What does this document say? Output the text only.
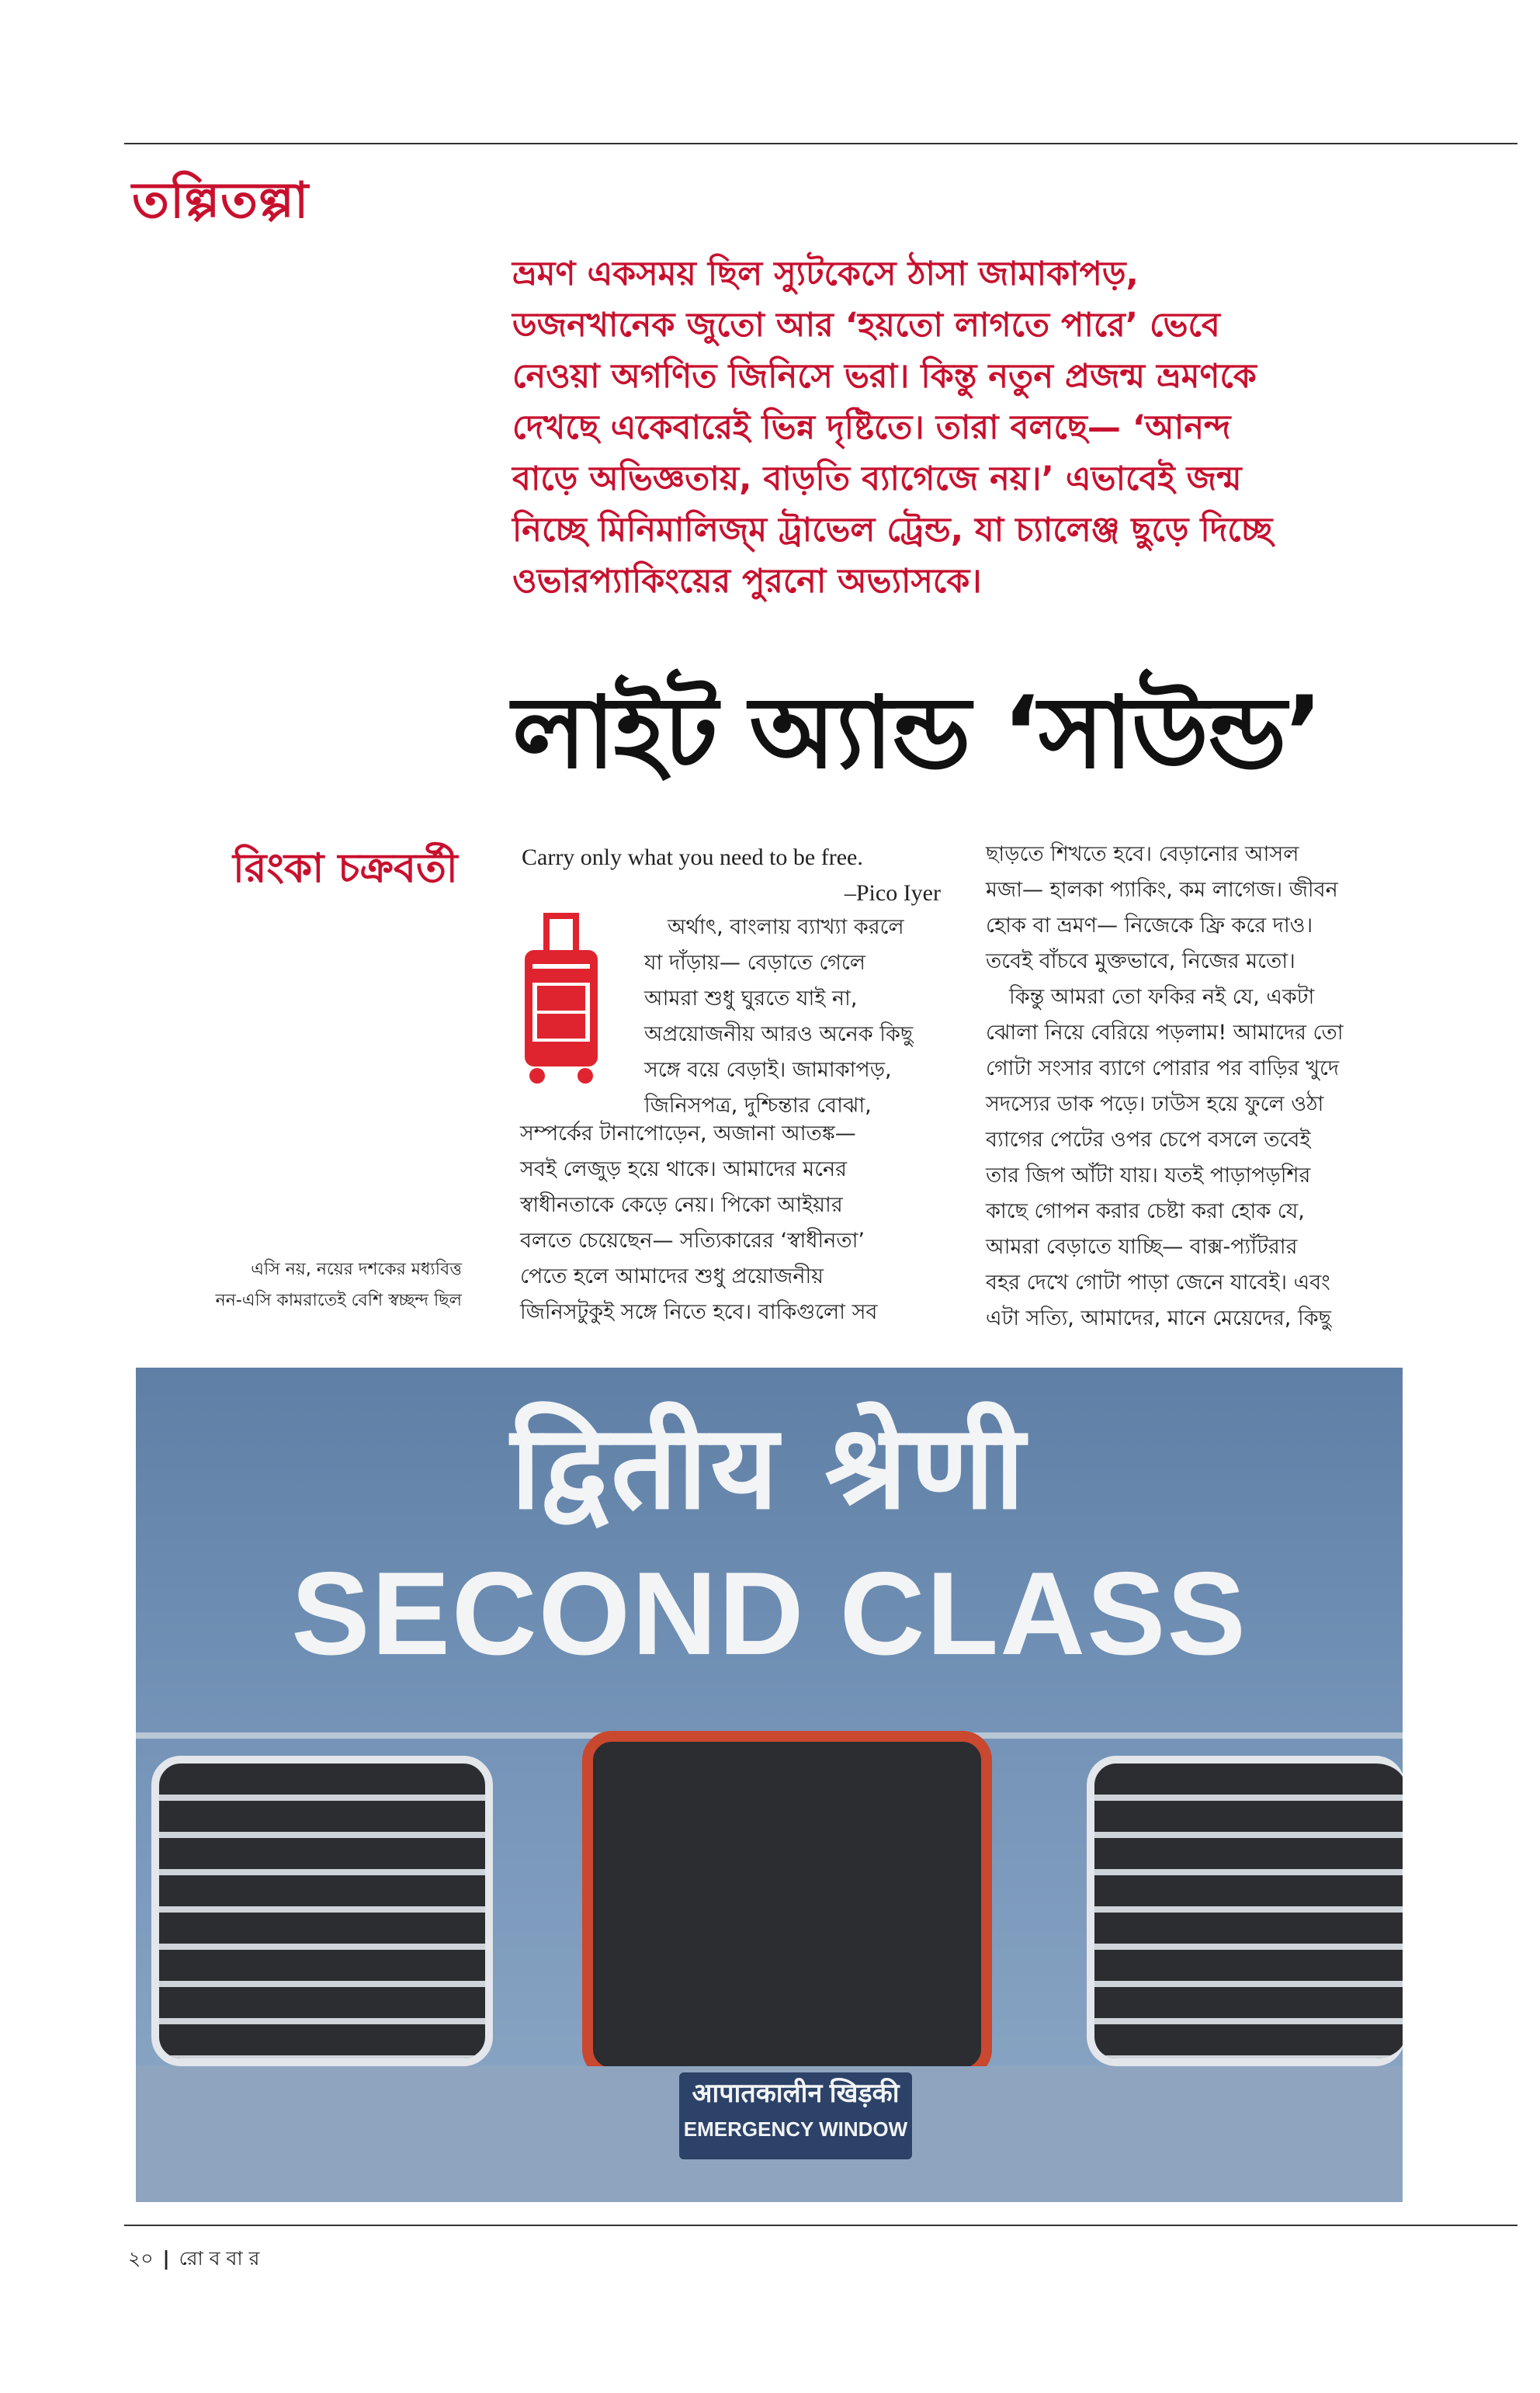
তল্পিতল্পা
ভ্রমণ একসময় ছিল স্যুটকেসে ঠাসা জামাকাপড়,
ডজনখানেক জুতো আর ‘হয়তো লাগতে পারে’ ভেবে
নেওয়া অগণিত জিনিসে ভরা। কিন্তু নতুন প্রজন্ম ভ্রমণকে
দেখছে একেবারেই ভিন্ন দৃষ্টিতে। তারা বলছে— ‘আনন্দ
বাড়ে অভিজ্ঞতায়, বাড়তি ব্যাগেজে নয়।’ এভাবেই জন্ম
নিচ্ছে মিনিমালিজ্‌ম ট্রাভেল ট্রেন্ড, যা চ্যালেঞ্জ ছুড়ে দিচ্ছে
ওভারপ্যাকিংয়ের পুরনো অভ্যাসকে।
লাইট অ্যান্ড ‘সাউন্ড’
রিংকা চক্রবর্তী	Carry only what you need to be free.
–Pico Iyer
অর্থাৎ, বাংলায় ব্যাখ্যা করলে
যা দাঁড়ায়— বেড়াতে গেলে
আমরা শুধু ঘুরতে যাই না,
অপ্রয়োজনীয় আরও অনেক কিছু
সঙ্গে বয়ে বেড়াই। জামাকাপড়,
জিনিসপত্র, দুশ্চিন্তার বোঝা,
সম্পর্কের টানাপোড়েন, অজানা আতঙ্ক—
সবই লেজুড় হয়ে থাকে। আমাদের মনের
স্বাধীনতাকে কেড়ে নেয়। পিকো আইয়ার
বলতে চেয়েছেন— সত্যিকারের ‘স্বাধীনতা’
পেতে হলে আমাদের শুধু প্রয়োজনীয়
জিনিসটুকুই সঙ্গে নিতে হবে। বাকিগুলো সব
ছাড়তে শিখতে হবে। বেড়ানোর আসল
মজা— হালকা প্যাকিং, কম লাগেজ। জীবন
হোক বা ভ্রমণ— নিজেকে ফ্রি করে দাও।
তবেই বাঁচবে মুক্তভাবে, নিজের মতো।
কিন্তু আমরা তো ফকির নই যে, একটা
ঝোলা নিয়ে বেরিয়ে পড়লাম! আমাদের তো
গোটা সংসার ব্যাগে পোরার পর বাড়ির খুদে
সদস্যের ডাক পড়ে। ঢাউস হয়ে ফুলে ওঠা
ব্যাগের পেটের ওপর চেপে বসলে তবেই
তার জিপ আঁটা যায়। যতই পাড়াপড়শির
কাছে গোপন করার চেষ্টা করা হোক যে,
আমরা বেড়াতে যাচ্ছি— বাক্স-প্যাঁটরার
বহর দেখে গোটা পাড়া জেনে যাবেই। এবং
এটা সত্যি, আমাদের, মানে মেয়েদের, কিছু
এসি নয়, নয়ের দশকের মধ্যবিত্ত
নন-এসি কামরাতেই বেশি স্বচ্ছন্দ ছিল
द्वितीय श्रेणी
SECOND CLASS
आपातकालीन खिड़की
EMERGENCY WINDOW
২০ | রো ব বা র
